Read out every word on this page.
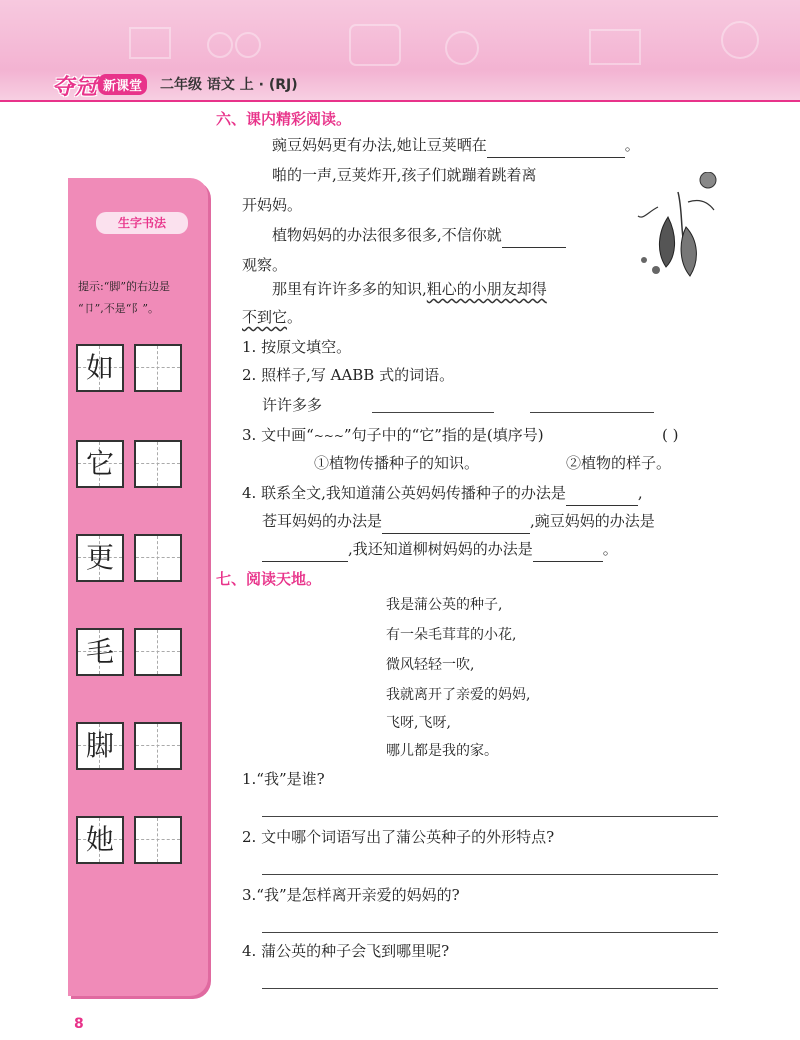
夺冠 新课堂	二年级 语文 上 · (RJ)
生字书法
提示:“脚”的右边是
“卩”,不是“阝”。
如
它
更
毛
脚
她
六、课内精彩阅读。
豌豆妈妈更有办法,她让豆荚晒在	。
啪的一声,豆荚炸开,孩子们就蹦着跳着离
开妈妈。
植物妈妈的办法很多很多,不信你就
观察。
那里有许许多多的知识,粗心的小朋友却得
不到它。
1. 按原文填空。
2. 照样子,写 AABB 式的词语。
许许多多
3. 文中画“~~~”句子中的“它”指的是(填序号)	( )
①植物传播种子的知识。	②植物的样子。
4. 联系全文,我知道蒲公英妈妈传播种子的办法是	,
苍耳妈妈的办法是	,豌豆妈妈的办法是
,我还知道柳树妈妈的办法是	。
七、阅读天地。
我是蒲公英的种子,
有一朵毛茸茸的小花,
微风轻轻一吹,
我就离开了亲爱的妈妈,
飞呀,飞呀,
哪儿都是我的家。
1.“我”是谁?
2. 文中哪个词语写出了蒲公英种子的外形特点?
3.“我”是怎样离开亲爱的妈妈的?
4. 蒲公英的种子会飞到哪里呢?
8
